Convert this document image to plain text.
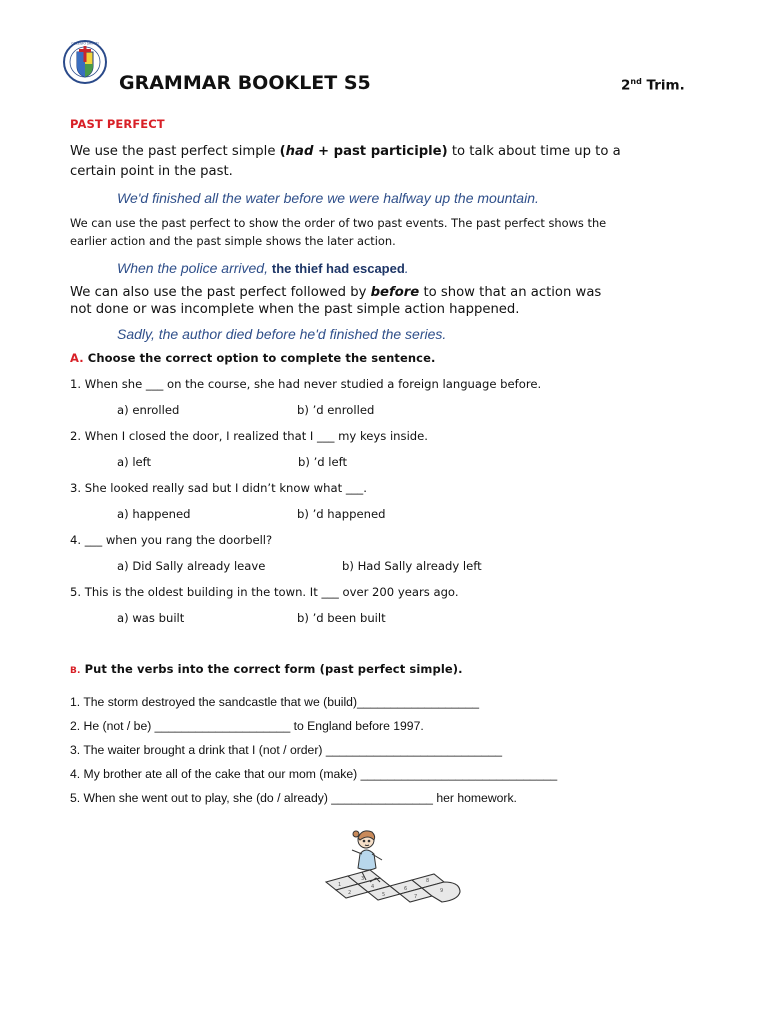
COLEGIO SANCTI
GRAMMAR BOOKLET S5	2nd Trim.
PAST PERFECT
We use the past perfect simple (had + past participle) to talk about time up to a
certain point in the past.
We'd finished all the water before we were halfway up the mountain.
We can use the past perfect to show the order of two past events. The past perfect shows the
earlier action and the past simple shows the later action.
When the police arrived, the thief had escaped.
We can also use the past perfect followed by before to show that an action was
not done or was incomplete when the past simple action happened.
Sadly, the author died before he'd finished the series.
A. Choose the correct option to complete the sentence.
1. When she ___ on the course, she had never studied a foreign language before.
a) enrolled	b) ’d enrolled
2. When I closed the door, I realized that I ___ my keys inside.
a) left	b) ’d left
3. She looked really sad but I didn’t know what ___.
a) happened	b) ’d happened
4. ___ when you rang the doorbell?
a) Did Sally already leave	b) Had Sally already left
5. This is the oldest building in the town. It ___ over 200 years ago.
a) was built	b) ’d been built
B. Put the verbs into the correct form (past perfect simple).
1. The storm destroyed the sandcastle that we (build)__________________
2. He (not / be) ____________________ to England before 1997.
3. The waiter brought a drink that I (not / order) __________________________
4. My brother ate all of the cake that our mom (make) _____________________________
5. When she went out to play, she (do / already) _______________ her homework.
1
2
3
4
5
6
7
8
9
